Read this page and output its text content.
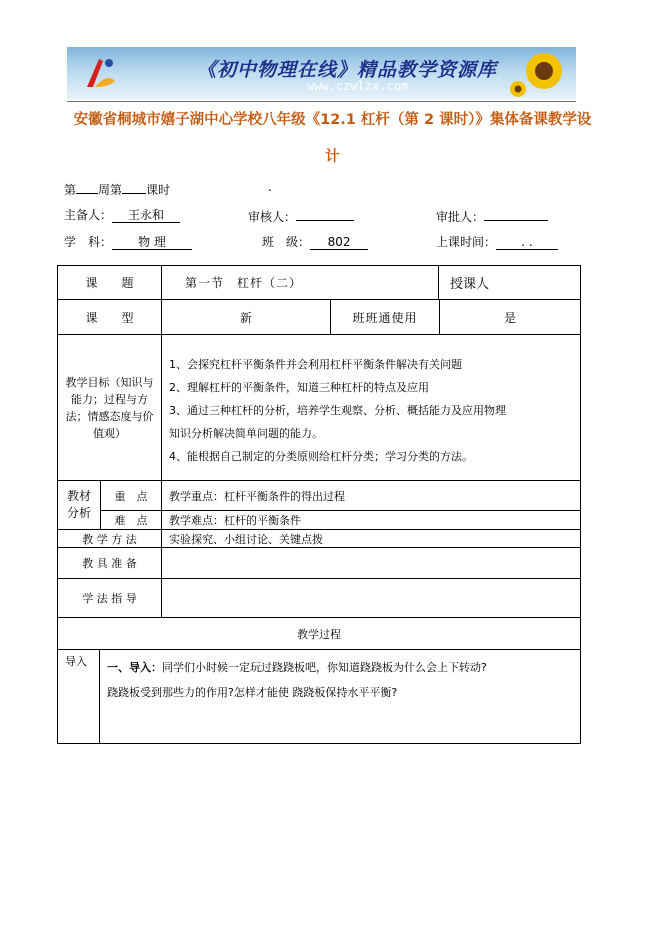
《初中物理在线》精品教学资源库
www.czwlzx.com
安徽省桐城市嬉子湖中心学校八年级《12.1 杠杆（第 2 课时）》集体备课教学设
计
第 周第 课时	.
主备人： 王永和	审核人：	审批人：
学　科： 物 理	班　级： 802	上课时间： . .
课　　题	第一节　杠杆（二）	授课人
课　　型	新	班班通使用	是
教学目标（知识与能力；过程与方法；情感态度与价值观）
1、会探究杠杆平衡条件并会利用杠杆平衡条件解决有关问题
2、理解杠杆的平衡条件，知道三种杠杆的特点及应用
3、通过三种杠杆的分析，培养学生观察、分析、概括能力及应用物理
知识分析解决简单问题的能力。
4、能根据自己制定的分类原则给杠杆分类；学习分类的方法。
教材
分析
重　点	教学重点：杠杆平衡条件的得出过程
难　点	教学难点：杠杆的平衡条件
教 学 方 法	实验探究、小组讨论、关键点拨
教 具 准 备
学 法 指 导
教学过程
导入 一、导入：同学们小时候一定玩过跷跷板吧，你知道跷跷板为什么会上下转动?
跷跷板受到那些力的作用?怎样才能使 跷跷板保持水平平衡?
